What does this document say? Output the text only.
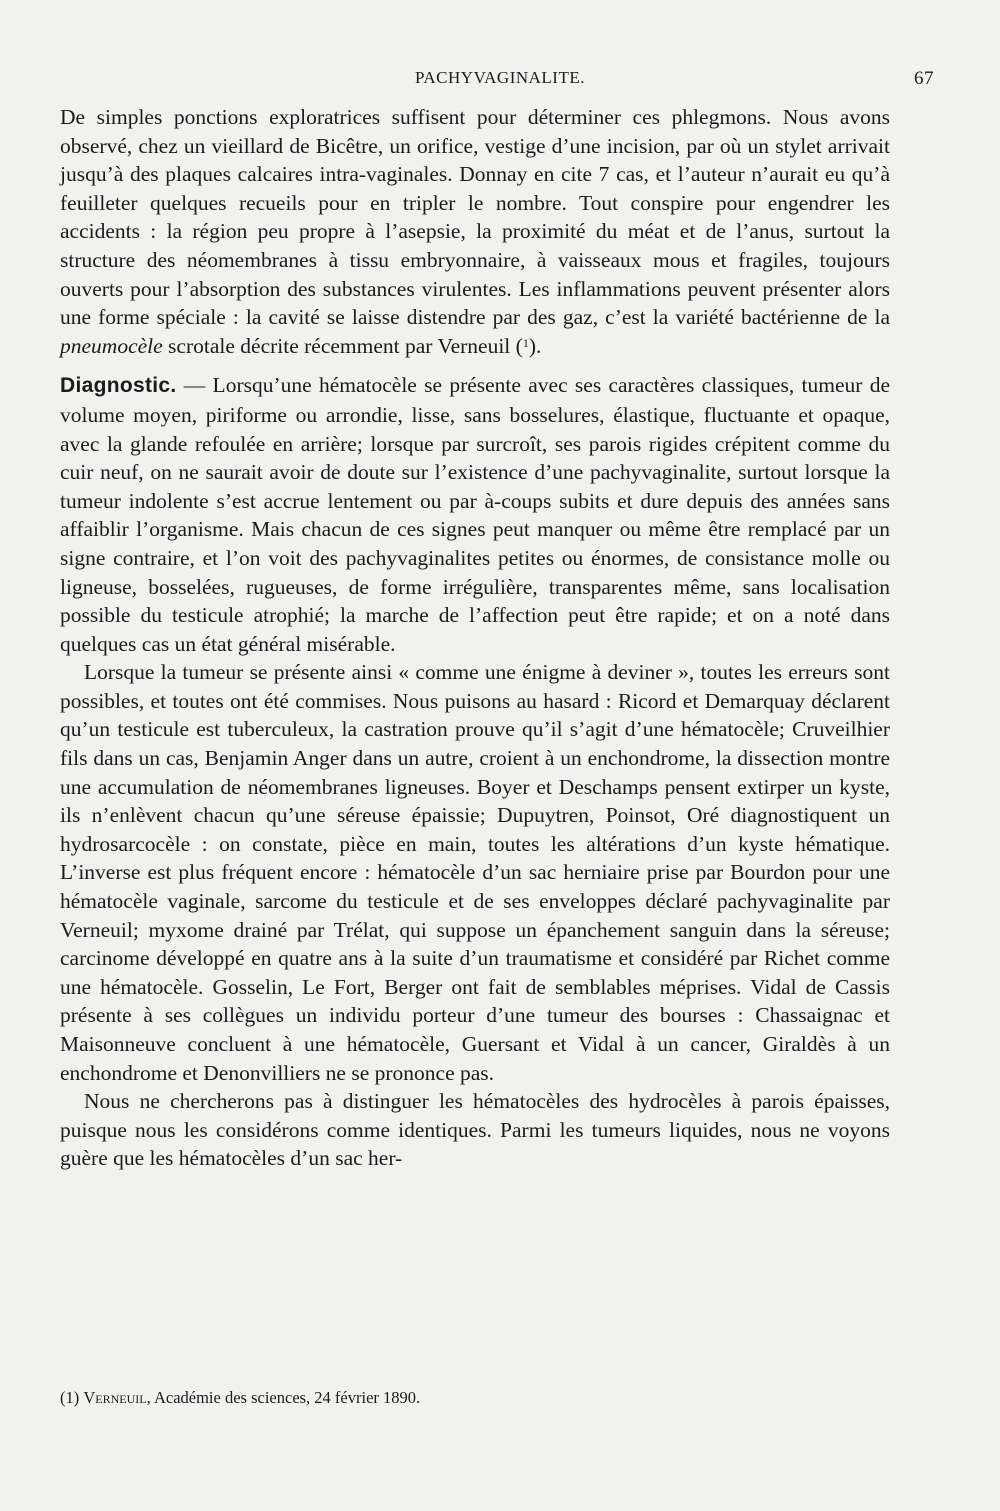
PACHYVAGINALITE.	67

De simples ponctions exploratrices suffisent pour déterminer ces phlegmons. Nous avons observé, chez un vieillard de Bicêtre, un orifice, vestige d’une incision, par où un stylet arrivait jusqu’à des plaques calcaires intra-vaginales. Donnay en cite 7 cas, et l’auteur n’aurait eu qu’à feuilleter quelques recueils pour en tripler le nombre. Tout conspire pour engendrer les accidents : la région peu propre à l’asepsie, la proximité du méat et de l’anus, surtout la structure des néomembranes à tissu embryonnaire, à vaisseaux mous et fragiles, toujours ouverts pour l’absorption des substances virulentes. Les inflammations peuvent présenter alors une forme spéciale : la cavité se laisse distendre par des gaz, c’est la variété bactérienne de la pneumocèle scrotale décrite récemment par Verneuil ($^1$).

Diagnostic. — Lorsqu’une hématocèle se présente avec ses caractères classiques, tumeur de volume moyen, piriforme ou arrondie, lisse, sans bosselures, élastique, fluctuante et opaque, avec la glande refoulée en arrière; lorsque par surcroît, ses parois rigides crépitent comme du cuir neuf, on ne saurait avoir de doute sur l’existence d’une pachyvaginalite, surtout lorsque la tumeur indolente s’est accrue lentement ou par à-coups subits et dure depuis des années sans affaiblir l’organisme. Mais chacun de ces signes peut manquer ou même être remplacé par un signe contraire, et l’on voit des pachyvaginalites petites ou énormes, de consistance molle ou ligneuse, bosselées, rugueuses, de forme irrégulière, transparentes même, sans localisation possible du testicule atrophié; la marche de l’affection peut être rapide; et on a noté dans quelques cas un état général misérable.

Lorsque la tumeur se présente ainsi « comme une énigme à deviner », toutes les erreurs sont possibles, et toutes ont été commises. Nous puisons au hasard : Ricord et Demarquay déclarent qu’un testicule est tuberculeux, la castration prouve qu’il s’agit d’une hématocèle; Cruveilhier fils dans un cas, Benjamin Anger dans un autre, croient à un enchondrome, la dissection montre une accumulation de néomembranes ligneuses. Boyer et Deschamps pensent extirper un kyste, ils n’enlèvent chacun qu’une séreuse épaissie; Dupuytren, Poinsot, Oré diagnostiquent un hydrosarcocèle : on constate, pièce en main, toutes les altérations d’un kyste hématique. L’inverse est plus fréquent encore : hématocèle d’un sac herniaire prise par Bourdon pour une hématocèle vaginale, sarcome du testicule et de ses enveloppes déclaré pachyvaginalite par Verneuil; myxome drainé par Trélat, qui suppose un épanchement sanguin dans la séreuse; carcinome développé en quatre ans à la suite d’un traumatisme et considéré par Richet comme une hématocèle. Gosselin, Le Fort, Berger ont fait de semblables méprises. Vidal de Cassis présente à ses collègues un individu porteur d’une tumeur des bourses : Chassaignac et Maisonneuve concluent à une hématocèle, Guersant et Vidal à un cancer, Giraldès à un enchondrome et Denonvilliers ne se prononce pas.

Nous ne chercherons pas à distinguer les hématocèles des hydrocèles à parois épaisses, puisque nous les considérons comme identiques. Parmi les tumeurs liquides, nous ne voyons guère que les hématocèles d’un sac her-

(1) Verneuil, Académie des sciences, 24 février 1890.
